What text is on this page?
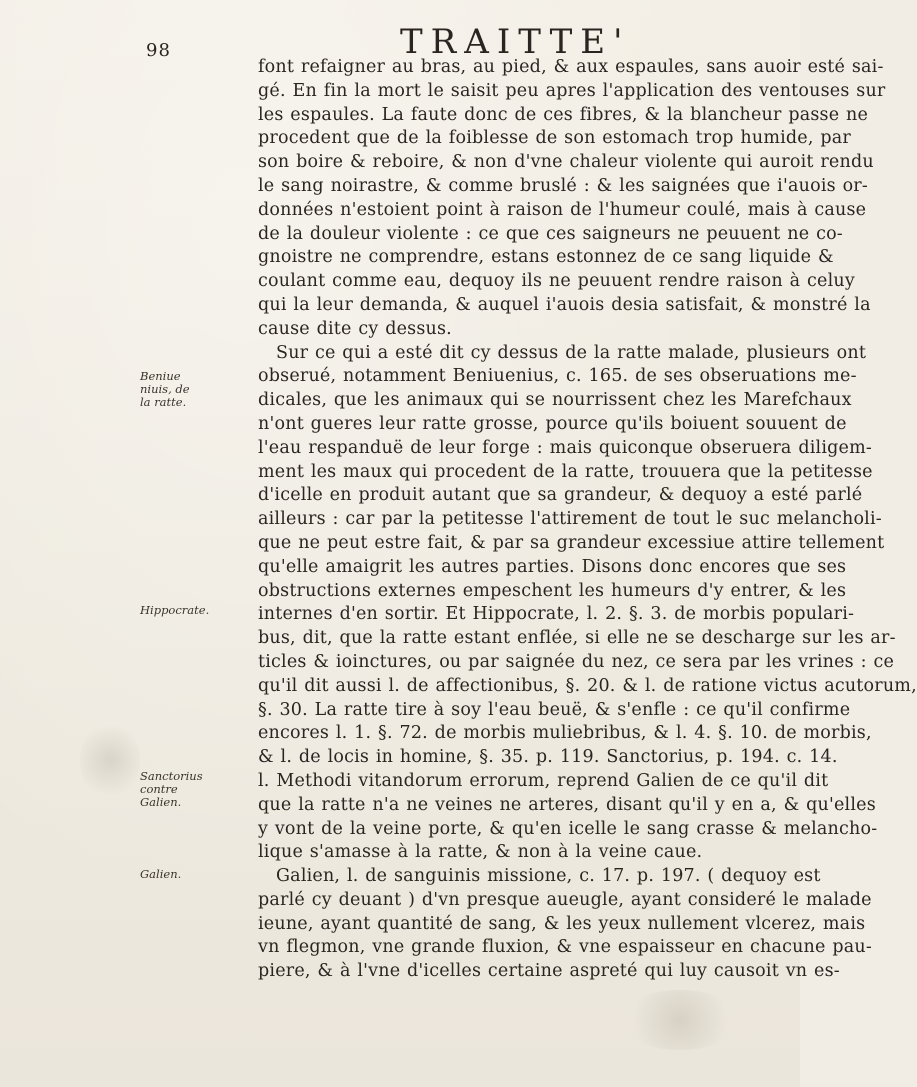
98	TRAITTE'
Beniue niuis, de la ratte.
Hippocrate.
Sanctorius contre Galien.
Galien.
font refaigner au bras, au pied, & aux espaules, sans auoir esté sai-
gé. En fin la mort le saisit peu apres l'application des ventouses sur
les espaules. La faute donc de ces fibres, & la blancheur passe ne
procedent que de la foiblesse de son estomach trop humide, par
son boire & reboire, & non d'vne chaleur violente qui auroit rendu
le sang noirastre, & comme bruslé : & les saignées que i'auois or-
données n'estoient point à raison de l'humeur coulé, mais à cause
de la douleur violente : ce que ces saigneurs ne peuuent ne co-
gnoistre ne comprendre, estans estonnez de ce sang liquide &
coulant comme eau, dequoy ils ne peuuent rendre raison à celuy
qui la leur demanda, & auquel i'auois desia satisfait, & monstré la
cause dite cy dessus.
Sur ce qui a esté dit cy dessus de la ratte malade, plusieurs ont
obserué, notamment Beniuenius, c. 165. de ses obseruations me-
dicales, que les animaux qui se nourrissent chez les Marefchaux
n'ont gueres leur ratte grosse, pource qu'ils boiuent souuent de
l'eau respanduë de leur forge : mais quiconque obseruera diligem-
ment les maux qui procedent de la ratte, trouuera que la petitesse
d'icelle en produit autant que sa grandeur, & dequoy a esté parlé
ailleurs : car par la petitesse l'attirement de tout le suc melancholi-
que ne peut estre fait, & par sa grandeur excessiue attire tellement
qu'elle amaigrit les autres parties. Disons donc encores que ses
obstructions externes empeschent les humeurs d'y entrer, & les
internes d'en sortir. Et Hippocrate, l. 2. §. 3. de morbis populari-
bus, dit, que la ratte estant enflée, si elle ne se descharge sur les ar-
ticles & ioinctures, ou par saignée du nez, ce sera par les vrines : ce
qu'il dit aussi l. de affectionibus, §. 20. & l. de ratione victus acutorum,
§. 30. La ratte tire à soy l'eau beuë, & s'enfle : ce qu'il confirme
encores l. 1. §. 72. de morbis muliebribus, & l. 4. §. 10. de morbis,
& l. de locis in homine, §. 35. p. 119. Sanctorius, p. 194. c. 14.
l. Methodi vitandorum errorum, reprend Galien de ce qu'il dit
que la ratte n'a ne veines ne arteres, disant qu'il y en a, & qu'elles
y vont de la veine porte, & qu'en icelle le sang crasse & melancho-
lique s'amasse à la ratte, & non à la veine caue.
Galien, l. de sanguinis missione, c. 17. p. 197. ( dequoy est
parlé cy deuant ) d'vn presque aueugle, ayant consideré le malade
ieune, ayant quantité de sang, & les yeux nullement vlcerez, mais
vn flegmon, vne grande fluxion, & vne espaisseur en chacune pau-
piere, & à l'vne d'icelles certaine aspreté qui luy causoit vn es-
